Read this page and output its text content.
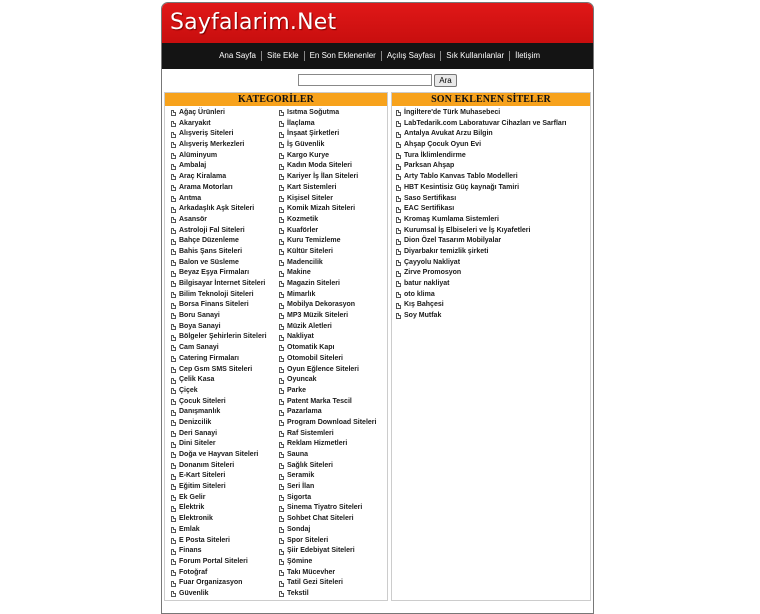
Sayfalarim.Net
Ana Sayfa	Site Ekle	En Son Eklenenler	Açılış Sayfası	Sık Kullanılanlar	İletişim
Ara
KATEGORİLER
Ağaç Ürünleri
Akaryakıt
Alışveriş Siteleri
Alışveriş Merkezleri
Alüminyum
Ambalaj
Araç Kiralama
Arama Motorları
Arıtma
Arkadaşlık Aşk Siteleri
Asansör
Astroloji Fal Siteleri
Bahçe Düzenleme
Bahis Şans Siteleri
Balon ve Süsleme
Beyaz Eşya Firmaları
Bilgisayar İnternet Siteleri
Bilim Teknoloji Siteleri
Borsa Finans Siteleri
Boru Sanayi
Boya Sanayi
Bölgeler Şehirlerin Siteleri
Cam Sanayi
Catering Firmaları
Cep Gsm SMS Siteleri
Çelik Kasa
Çiçek
Çocuk Siteleri
Danışmanlık
Denizcilik
Deri Sanayi
Dini Siteler
Doğa ve Hayvan Siteleri
Donanım Siteleri
E-Kart Siteleri
Eğitim Siteleri
Ek Gelir
Elektrik
Elektronik
Emlak
E Posta Siteleri
Finans
Forum Portal Siteleri
Fotoğraf
Fuar Organizasyon
Güvenlik
Isıtma Soğutma
İlaçlama
İnşaat Şirketleri
İş Güvenlik
Kargo Kurye
Kadın Moda Siteleri
Kariyer İş İlan Siteleri
Kart Sistemleri
Kişisel Siteler
Komik Mizah Siteleri
Kozmetik
Kuaförler
Kuru Temizleme
Kültür Siteleri
Madencilik
Makine
Magazin Siteleri
Mimarlık
Mobilya Dekorasyon
MP3 Müzik Siteleri
Müzik Aletleri
Nakliyat
Otomatik Kapı
Otomobil Siteleri
Oyun Eğlence Siteleri
Oyuncak
Parke
Patent Marka Tescil
Pazarlama
Program Download Siteleri
Raf Sistemleri
Reklam Hizmetleri
Sauna
Sağlık Siteleri
Seramik
Seri İlan
Sigorta
Sinema Tiyatro Siteleri
Sohbet Chat Siteleri
Sondaj
Spor Siteleri
Şiir Edebiyat Siteleri
Şömine
Takı Mücevher
Tatil Gezi Siteleri
Tekstil
SON EKLENEN SİTELER
İngiltere'de Türk Muhasebeci
LabTedarik.com Laboratuvar Cihazları ve Sarfları
Antalya Avukat Arzu Bilgin
Ahşap Çocuk Oyun Evi
Tura İklimlendirme
Parksan Ahşap
Arty Tablo Kanvas Tablo Modelleri
HBT Kesintisiz Güç kaynağı Tamiri
Saso Sertifikası
EAC Sertifikası
Kromaş Kumlama Sistemleri
Kurumsal İş Elbiseleri ve İş Kıyafetleri
Dion Özel Tasarım Mobilyalar
Diyarbakır temizlik şirketi
Çayyolu Nakliyat
Zirve Promosyon
batur nakliyat
oto klima
Kış Bahçesi
Soy Mutfak
